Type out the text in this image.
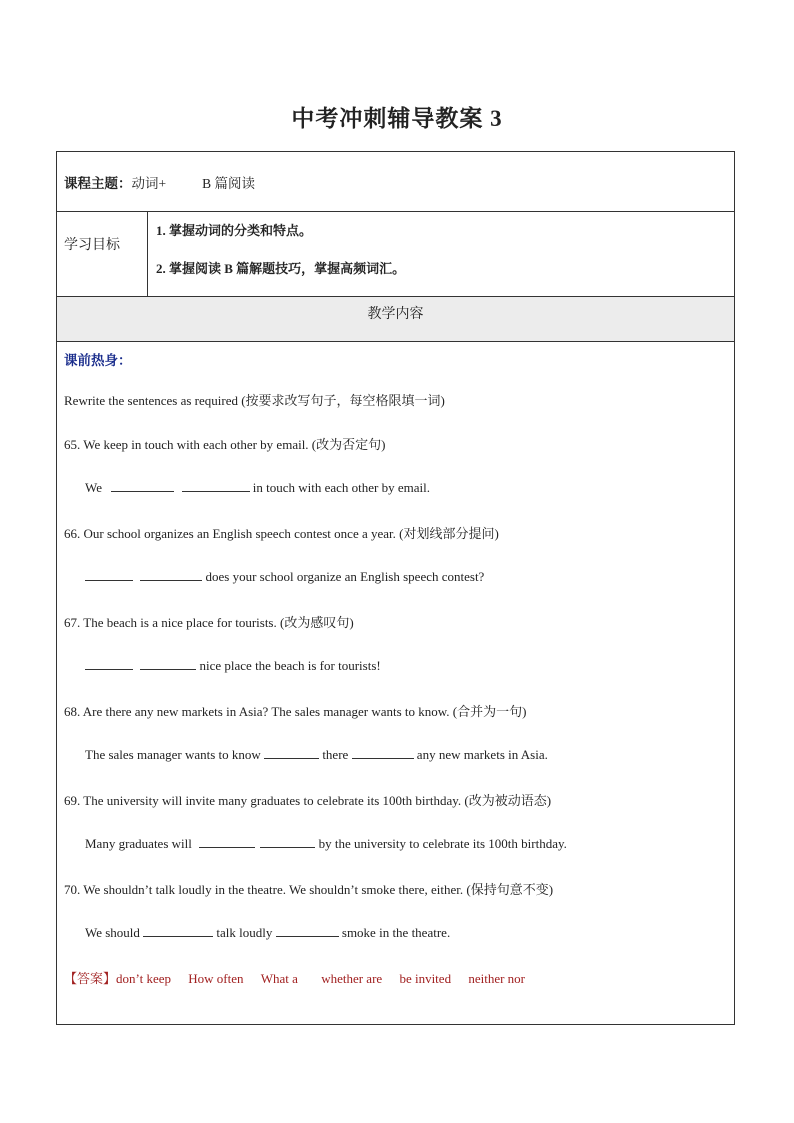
中考冲刺辅导教案 3
课程主题：动词+	B 篇阅读
学习目标
1. 掌握动词的分类和特点。
2. 掌握阅读 B 篇解题技巧，掌握高频词汇。
教学内容
课前热身：
Rewrite the sentences as required (按要求改写句子，每空格限填一词)
65. We keep in touch with each other by email. (改为否定句)
We	in touch with each other by email.
66. Our school organizes an English speech contest once a year. (对划线部分提问)
does your school organize an English speech contest?
67. The beach is a nice place for tourists. (改为感叹句)
nice place the beach is for tourists!
68. Are there any new markets in Asia? The sales manager wants to know. (合并为一句)
The sales manager wants to know	there	any new markets in Asia.
69. The university will invite many graduates to celebrate its 100th birthday. (改为被动语态)
Many graduates will	by the university to celebrate its 100th birthday.
70. We shouldn’t talk loudly in the theatre. We shouldn’t smoke there, either. (保持句意不变)
We should	talk loudly	smoke in the theatre.
【答案】don’t keep How often What a whether are be invited neither nor
